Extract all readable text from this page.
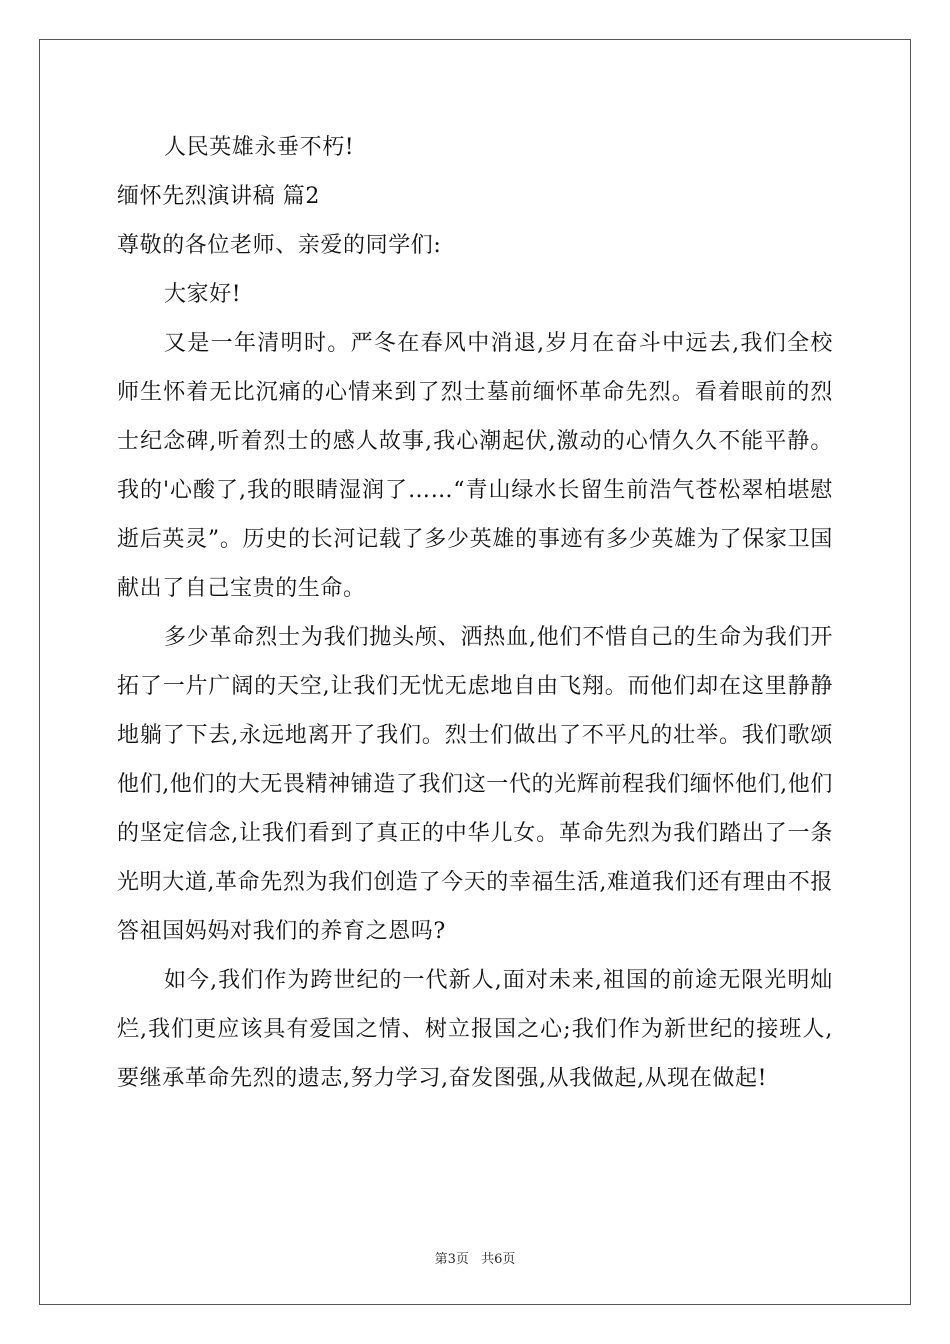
人民英雄永垂不朽!
缅怀先烈演讲稿 篇2
尊敬的各位老师、亲爱的同学们:
大家好!

又是一年清明时。严冬在春风中消退,岁月在奋斗中远去,我们全校师生怀着无比沉痛的心情来到了烈士墓前缅怀革命先烈。看着眼前的烈士纪念碑,听着烈士的感人故事,我心潮起伏,激动的心情久久不能平静。我的'心酸了,我的眼睛湿润了……“青山绿水长留生前浩气苍松翠柏堪慰逝后英灵”。历史的长河记载了多少英雄的事迹有多少英雄为了保家卫国献出了自己宝贵的生命。

多少革命烈士为我们抛头颅、洒热血,他们不惜自己的生命为我们开拓了一片广阔的天空,让我们无忧无虑地自由飞翔。而他们却在这里静静地躺了下去,永远地离开了我们。烈士们做出了不平凡的壮举。我们歌颂他们,他们的大无畏精神铺造了我们这一代的光辉前程我们缅怀他们,他们的坚定信念,让我们看到了真正的中华儿女。革命先烈为我们踏出了一条光明大道,革命先烈为我们创造了今天的幸福生活,难道我们还有理由不报答祖国妈妈对我们的养育之恩吗?

如今,我们作为跨世纪的一代新人,面对未来,祖国的前途无限光明灿烂,我们更应该具有爱国之情、树立报国之心;我们作为新世纪的接班人,要继承革命先烈的遗志,努力学习,奋发图强,从我做起,从现在做起!

第3页 共6页
